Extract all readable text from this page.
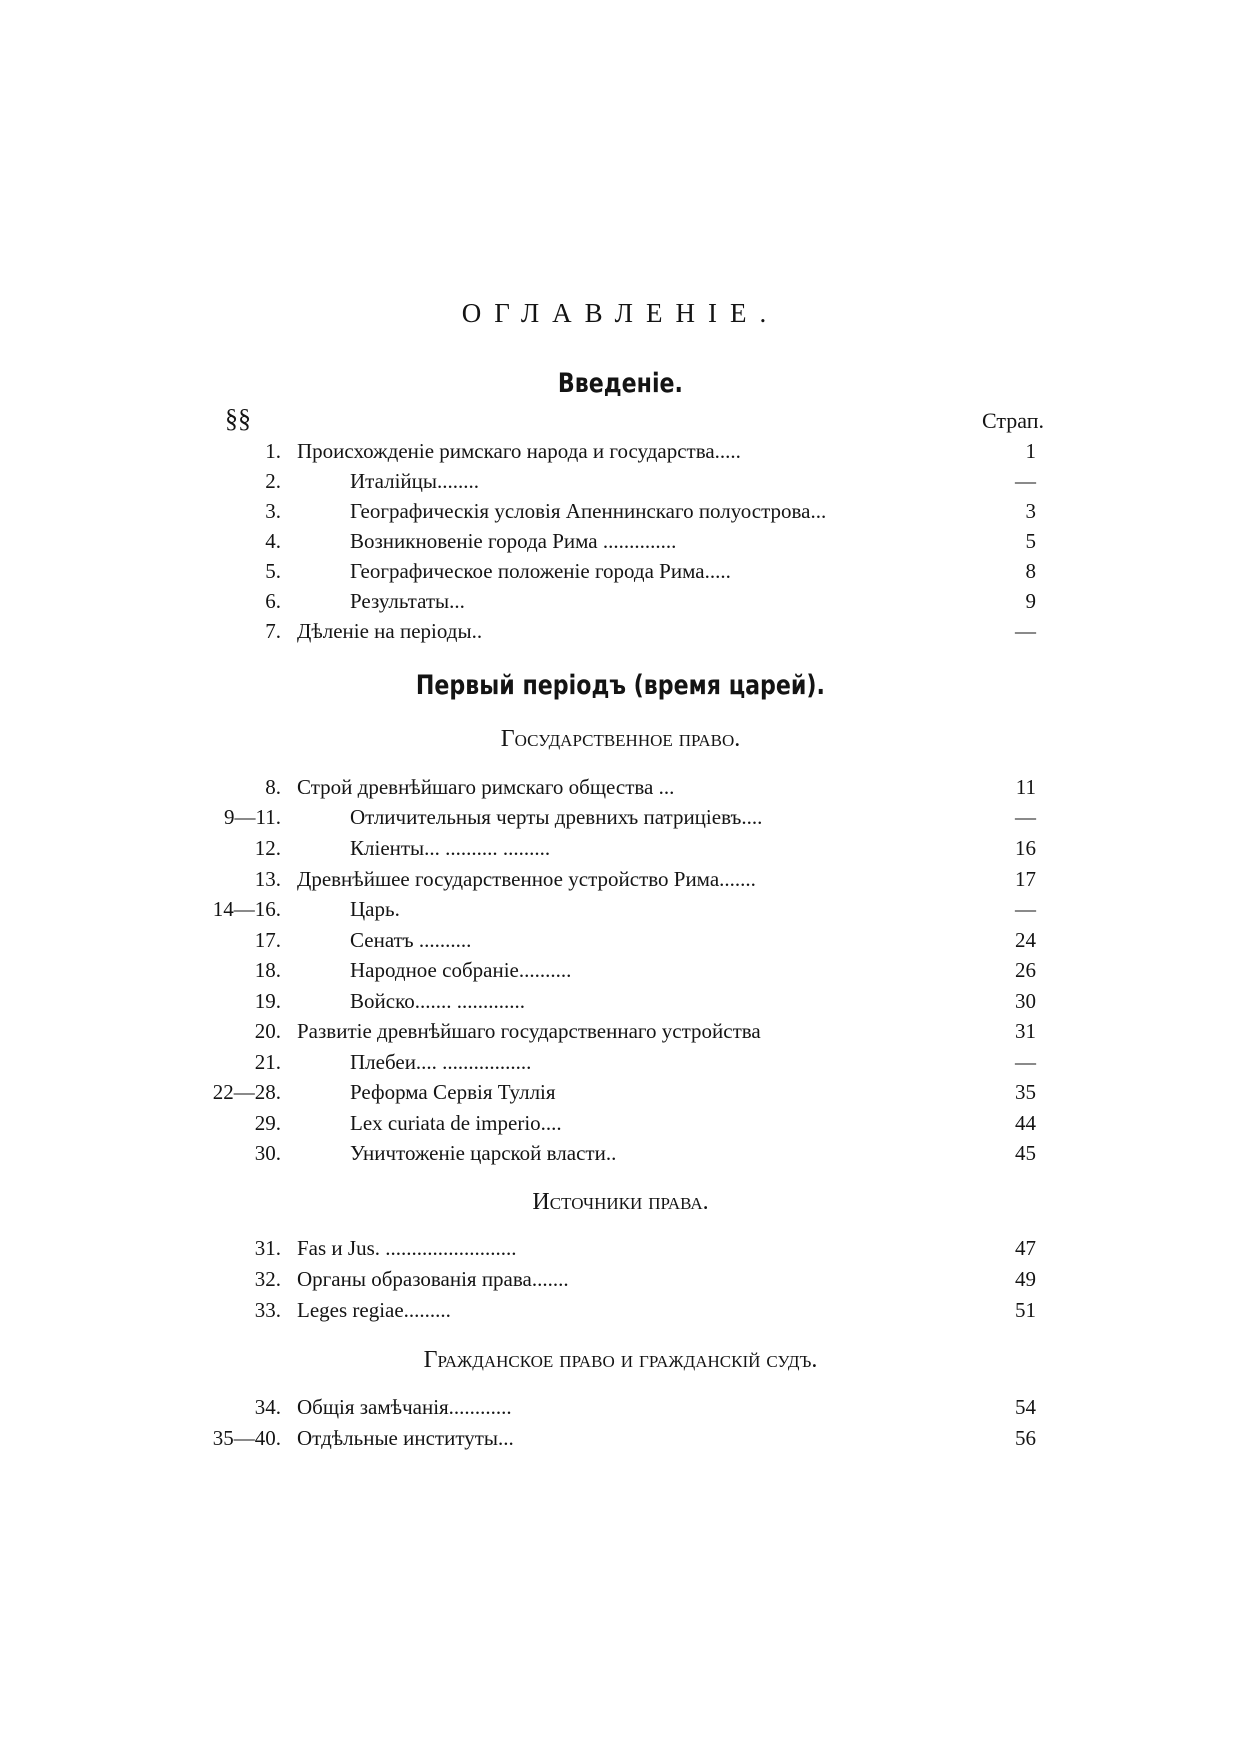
ОГЛАВЛЕНІЕ.
Введеніе.
§§	Страп.
1. Происхожденіе римскаго народа и государства.....	1
2.	Италійцы........	—
3.	Географическія условія Апеннинскаго полуострова...	3
4.	Возникновеніе города Рима ..............	5
5.	Географическое положеніе города Рима.....	8
6.	Результаты...	9
7. Дѣленіе на періоды..	—
Первый періодъ (время царей).
Государственное право.
8. Строй древнѣйшаго римскаго общества ...	11
9—11.	Отличительныя черты древнихъ патриціевъ....	—
12.	Кліенты... .......... .........	16
13. Древнѣйшее государственное устройство Рима.......	17
14—16.	Царь.	—
17.	Сенатъ ..........	24
18.	Народное собраніе..........	26
19.	Войско....... .............	30
20. Развитіе древнѣйшаго государственнаго устройства	31
21.	Плебеи.... .................	—
22—28.	Реформа Сервія Туллія	35
29.	Lex curiata de imperio....	44
30.	Уничтоженіе царской власти..	45
Источники права.
31. Fas и Jus. .........................	47
32. Органы образованія права.......	49
33. Leges regiae.........	51
Гражданское право и гражданскій судъ.
34. Общія замѣчанія............	54
35—40. Отдѣльные институты...	56
